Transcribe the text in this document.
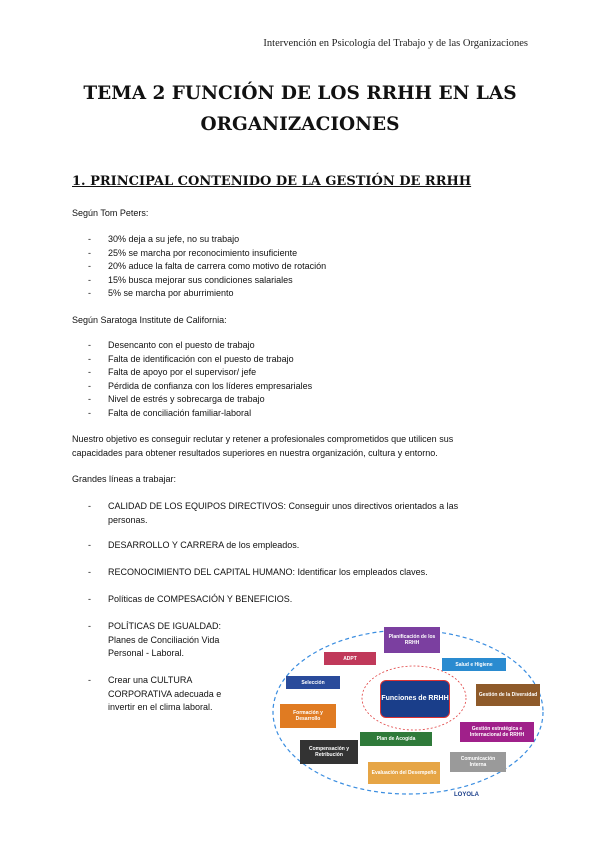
Intervención en Psicología del Trabajo y de las Organizaciones
TEMA 2 FUNCIÓN DE LOS RRHH EN LAS
ORGANIZACIONES
1. PRINCIPAL CONTENIDO DE LA GESTIÓN DE RRHH
Según Tom Peters:
- 30% deja a su jefe, no su trabajo
- 25% se marcha por reconocimiento insuficiente
- 20% aduce la falta de carrera como motivo de rotación
- 15% busca mejorar sus condiciones salariales
- 5% se marcha por aburrimiento
Según Saratoga Institute de California:
- Desencanto con el puesto de trabajo
- Falta de identificación con el puesto de trabajo
- Falta de apoyo por el supervisor/ jefe
- Pérdida de confianza con los líderes empresariales
- Nivel de estrés y sobrecarga de trabajo
- Falta de conciliación familiar-laboral
Nuestro objetivo es conseguir reclutar y retener a profesionales comprometidos que utilicen sus
capacidades para obtener resultados superiores en nuestra organización, cultura y entorno.
Grandes líneas a trabajar:
- CALIDAD DE LOS EQUIPOS DIRECTIVOS: Conseguir unos directivos orientados a las
personas.
- DESARROLLO Y CARRERA de los empleados.
- RECONOCIMIENTO DEL CAPITAL HUMANO: Identificar los empleados claves.
- Políticas de COMPESACIÓN Y BENEFICIOS.
- POLÍTICAS DE IGUALDAD:
Planes de Conciliación Vida
Personal - Laboral.
- Crear una CULTURA
CORPORATIVA adecuada e
invertir en el clima laboral.
Funciones de RRHH
Planificación de los RRHH
ADPT
Salud e Higiene
Selección
Gestión de la Diversidad
Formación y Desarrollo
Gestión estratégica e Internacional de RRHH
Plan de Acogida
Compensación y Retribución
Comunicación Interna
Evaluación del Desempeño
LOYOLA
